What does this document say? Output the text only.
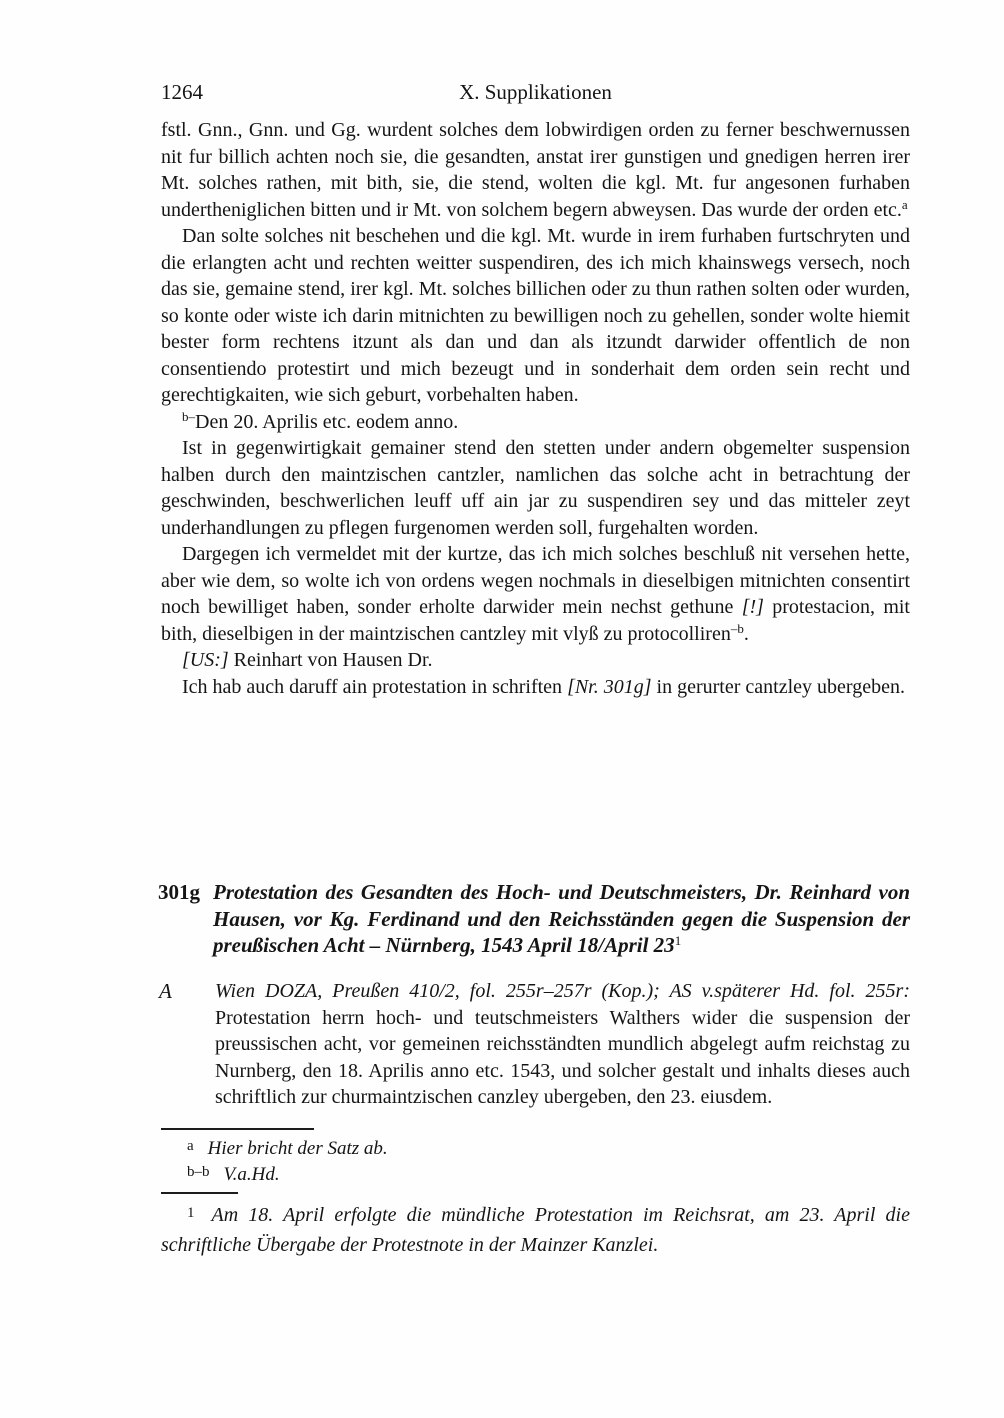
1264	X. Supplikationen

fstl. Gnn., Gnn. und Gg. wurdent solches dem lobwirdigen orden zu ferner beschwernussen nit fur billich achten noch sie, die gesandten, anstat irer gunstigen und gnedigen herren irer Mt. solches rathen, mit bith, sie, die stend, wolten die kgl. Mt. fur angesonen furhaben undertheniglichen bitten und ir Mt. von solchem begern abweysen. Das wurde der orden etc.$^a$

Dan solte solches nit beschehen und die kgl. Mt. wurde in irem furhaben furtschryten und die erlangten acht und rechten weitter suspendiren, des ich mich khainswegs versech, noch das sie, gemaine stend, irer kgl. Mt. solches billichen oder zu thun rathen solten oder wurden, so konte oder wiste ich darin mitnichten zu bewilligen noch zu gehellen, sonder wolte hiemit bester form rechtens itzunt als dan und dan als itzundt darwider offentlich de non consentiendo protestirt und mich bezeugt und in sonderhait dem orden sein recht und gerechtigkaiten, wie sich geburt, vorbehalten haben.

$^{b-}$Den 20. Aprilis etc. eodem anno.

Ist in gegenwirtigkait gemainer stend den stetten under andern obgemelter suspension halben durch den maintzischen cantzler, namlichen das solche acht in betrachtung der geschwinden, beschwerlichen leuff uff ain jar zu suspendiren sey und das mitteler zeyt underhandlungen zu pflegen furgenomen werden soll, furgehalten worden.

Dargegen ich vermeldet mit der kurtze, das ich mich solches beschluß nit versehen hette, aber wie dem, so wolte ich von ordens wegen nochmals in dieselbigen mitnichten consentirt noch bewilliget haben, sonder erholte darwider mein nechst gethune [!] protestacion, mit bith, dieselbigen in der maintzischen cantzley mit vlyß zu protocolliren$^{-b}$.

[US:] Reinhart von Hausen Dr.

Ich hab auch daruff ain protestation in schriften [Nr. 301g] in gerurter cantzley ubergeben.

301g Protestation des Gesandten des Hoch- und Deutschmeisters, Dr. Reinhard von Hausen, vor Kg. Ferdinand und den Reichsständen gegen die Suspension der preußischen Acht – Nürnberg, 1543 April 18/April 23$^1$

A Wien DOZA, Preußen 410/2, fol. 255r–257r (Kop.); AS v.späterer Hd. fol. 255r: Protestation herrn hoch- und teutschmeisters Walthers wider die suspension der preussischen acht, vor gemeinen reichsständten mundlich abgelegt aufm reichstag zu Nurnberg, den 18. Aprilis anno etc. 1543, und solcher gestalt und inhalts dieses auch schriftlich zur churmaintzischen canzley ubergeben, den 23. eiusdem.

$^a$ Hier bricht der Satz ab.

$^{b-b}$ V.a.Hd.

$^1$ Am 18. April erfolgte die mündliche Protestation im Reichsrat, am 23. April die schriftliche Übergabe der Protestnote in der Mainzer Kanzlei.
